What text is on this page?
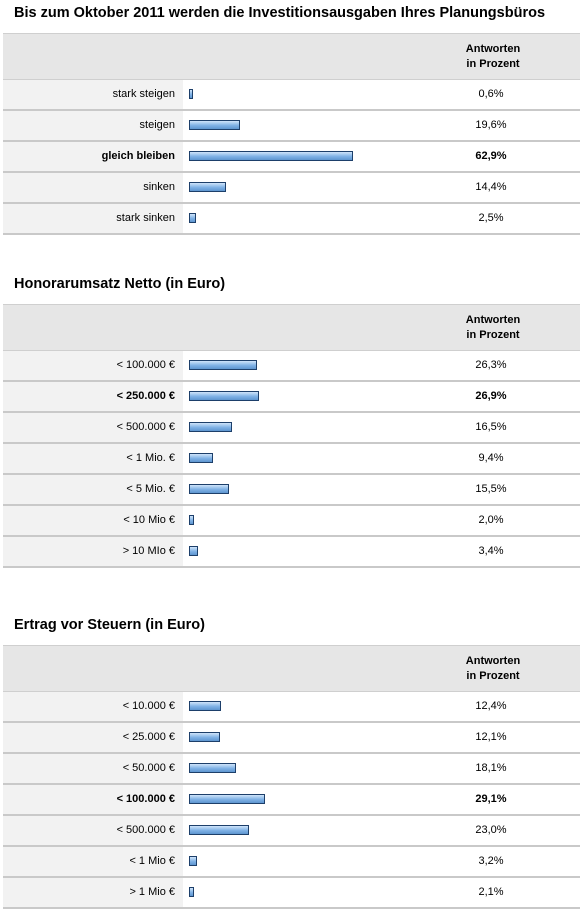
Bis zum Oktober 2011 werden die Investitionsausgaben Ihres Planungsbüros
Antworten
in Prozent
stark steigen	0,6%
steigen	19,6%
gleich bleiben	62,9%
sinken	14,4%
stark sinken	2,5%
Honorarumsatz Netto (in Euro)
Antworten
in Prozent
< 100.000 €	26,3%
< 250.000 €	26,9%
< 500.000 €	16,5%
< 1 Mio. €	9,4%
< 5 Mio. €	15,5%
< 10 Mio €	2,0%
> 10 MIo €	3,4%
Ertrag vor Steuern (in Euro)
Antworten
in Prozent
< 10.000 €	12,4%
< 25.000 €	12,1%
< 50.000 €	18,1%
< 100.000 €	29,1%
< 500.000 €	23,0%
< 1 Mio €	3,2%
> 1 Mio €	2,1%
